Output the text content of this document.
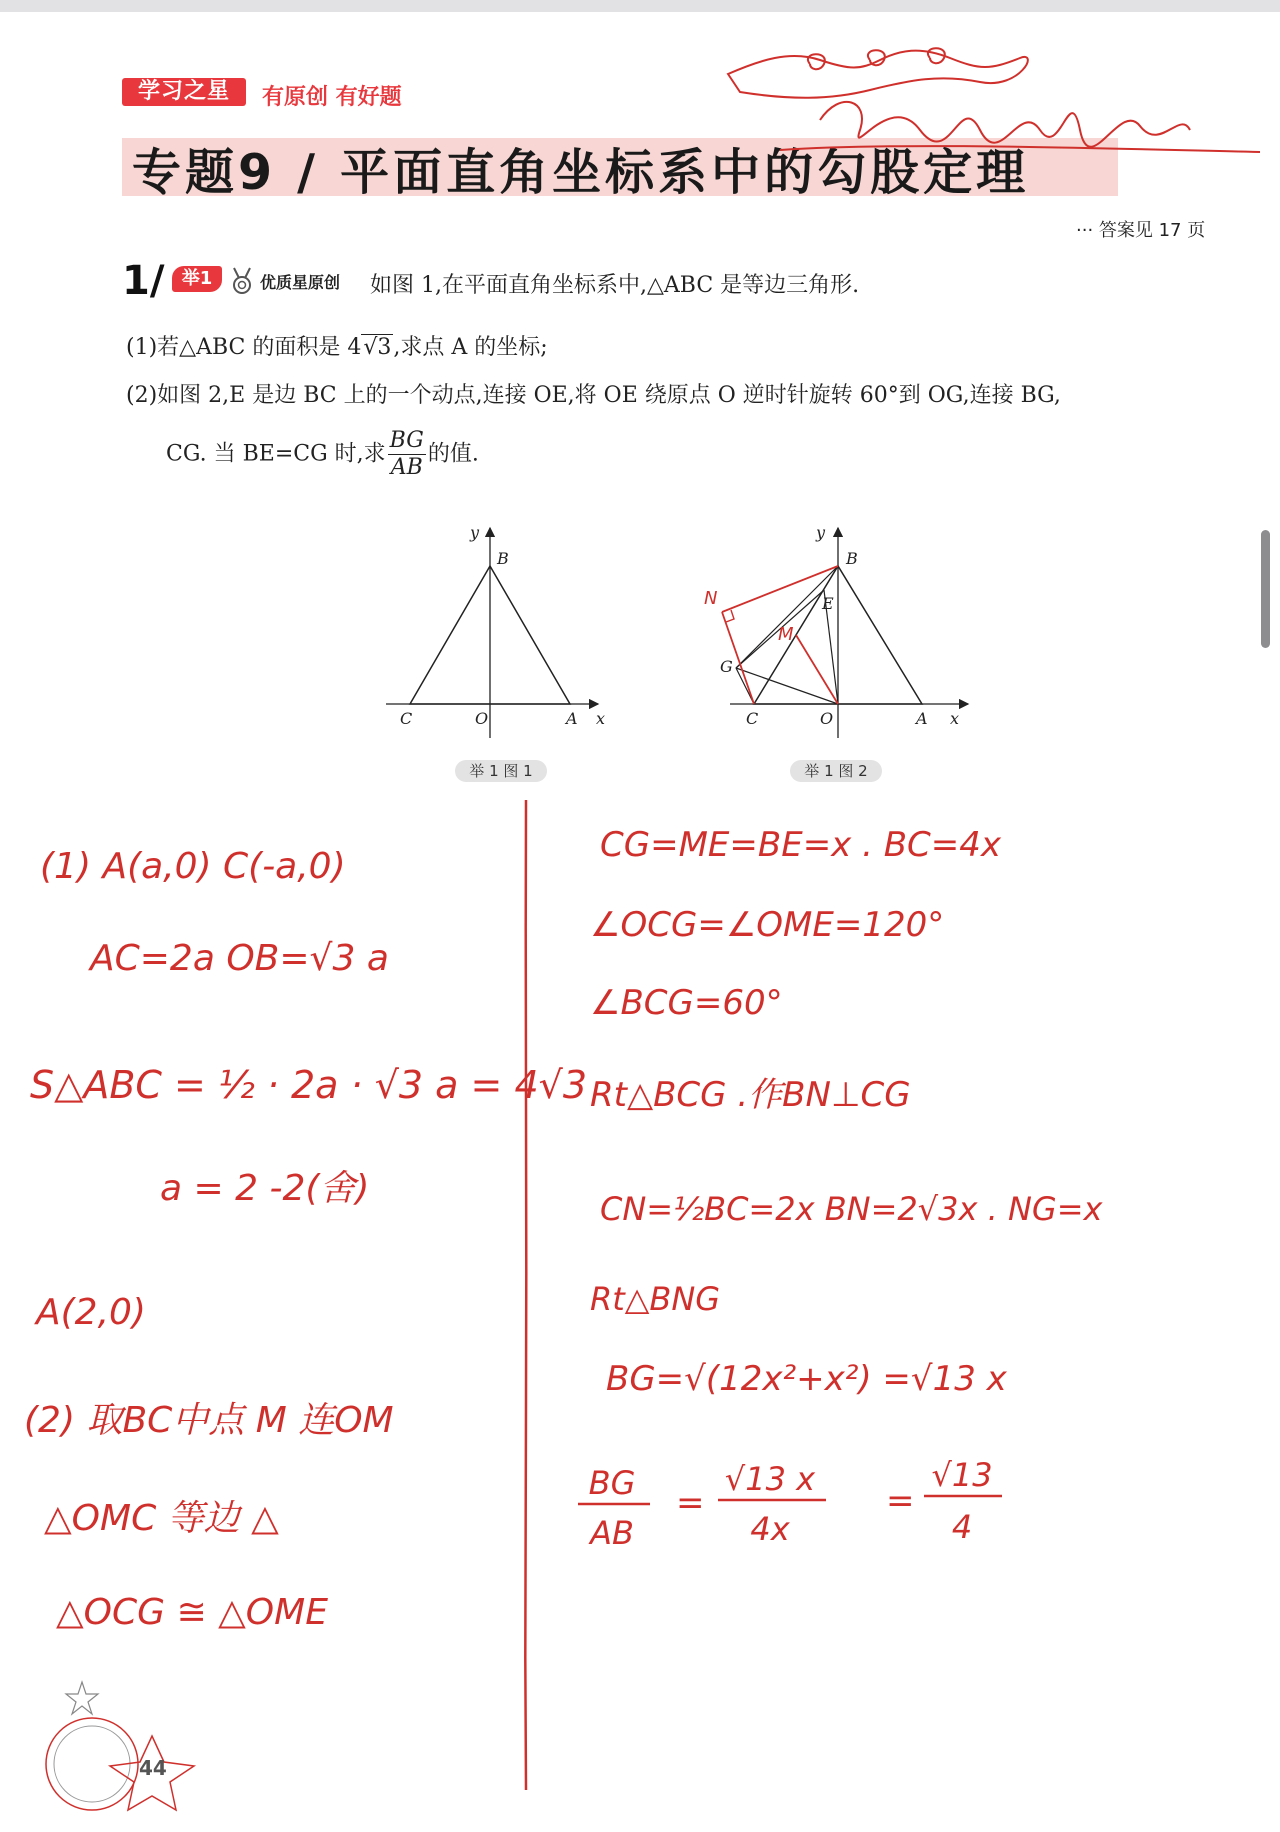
学习之星	有原创 有好题
专题9 / 平面直角坐标系中的勾股定理
··· 答案见 17 页
1/ 举1	优质星原创 如图 1,在平面直角坐标系中,△ABC 是等边三角形.
(1)若△ABC 的面积是 4√3,求点 A 的坐标;
(2)如图 2,E 是边 BC 上的一个动点,连接 OE,将 OE 绕原点 O 逆时针旋转 60°到 OG,连接 BG,
CG. 当 BE=CG 时,求 $\frac{BG}{AB}$ 的值.
y
x
B
C	O	A
举 1 图 1
y
x
B
C	O	A
E
G
N
M
举 1 图 2
(1) A(a,0) C(-a,0)
AC=2a OB=√3 a
S△ABC = ½ · 2a · √3 a = 4√3
a = 2 -2(舍)
A(2,0)
(2) 取BC中点 M 连OM
△OMC 等边 △
△OCG ≅ △OME
CG=ME=BE=x . BC=4x
∠OCG=∠OME=120°
∠BCG=60°
Rt△BCG .作BN⊥CG
CN=½BC=2x BN=2√3x . NG=x
Rt△BNG
BG=√(12x²+x²) =√13 x
BG
AB
=
√13 x
4x
=
√13
4
44
